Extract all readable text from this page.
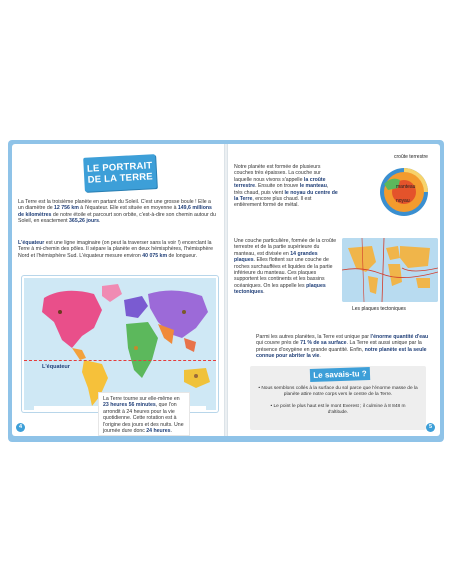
LE PORTRAIT
DE LA TERRE
La Terre est la troisième planète en partant du Soleil. C'est une grosse boule ! Elle a un diamètre de 12 756 km à l'équateur. Elle est située en moyenne à 149,6 millions de kilomètres de notre étoile et parcourt son orbite, c'est-à-dire son chemin autour du Soleil, en exactement 365,26 jours.
L'équateur est une ligne imaginaire (on peut la traverser sans la voir !) encerclant la Terre à mi-chemin des pôles. Il sépare la planète en deux hémisphères, l'hémisphère Nord et l'hémisphère Sud. L'équateur mesure environ 40 075 km de longueur.
L'équateur
La Terre tourne sur elle-même en 23 heures 56 minutes, que l'on arrondit à 24 heures pour la vie quotidienne. Cette rotation est à l'origine des jours et des nuits. Une journée dure donc 24 heures.
4
croûte terrestre
manteau
noyau
Notre planète est formée de plusieurs couches très épaisses. La couche sur laquelle nous vivons s'appelle la croûte terrestre. Ensuite on trouve le manteau, très chaud, puis vient le noyau du centre de la Terre, encore plus chaud. Il est entièrement formé de métal.
Une couche particulière, formée de la croûte terrestre et de la partie supérieure du manteau, est divisée en 14 grandes plaques. Elles flottent sur une couche de roches surchauffées et liquides de la partie inférieure du manteau. Ces plaques supportent les continents et les bassins océaniques. On les appelle les plaques tectoniques.
Les plaques tectoniques
Parmi les autres planètes, la Terre est unique par l'énorme quantité d'eau qui couvre près de 71 % de sa surface. La Terre est aussi unique par la présence d'oxygène en grande quantité. Enfin, notre planète est la seule connue pour abriter la vie.
Le savais-tu ?
• Nous semblons collés à la surface du sol parce que l'énorme masse de la planète attire notre corps vers le centre de la Terre.
• Le point le plus haut est le mont Everest ; il culmine à 8 848 m d'altitude.
5
